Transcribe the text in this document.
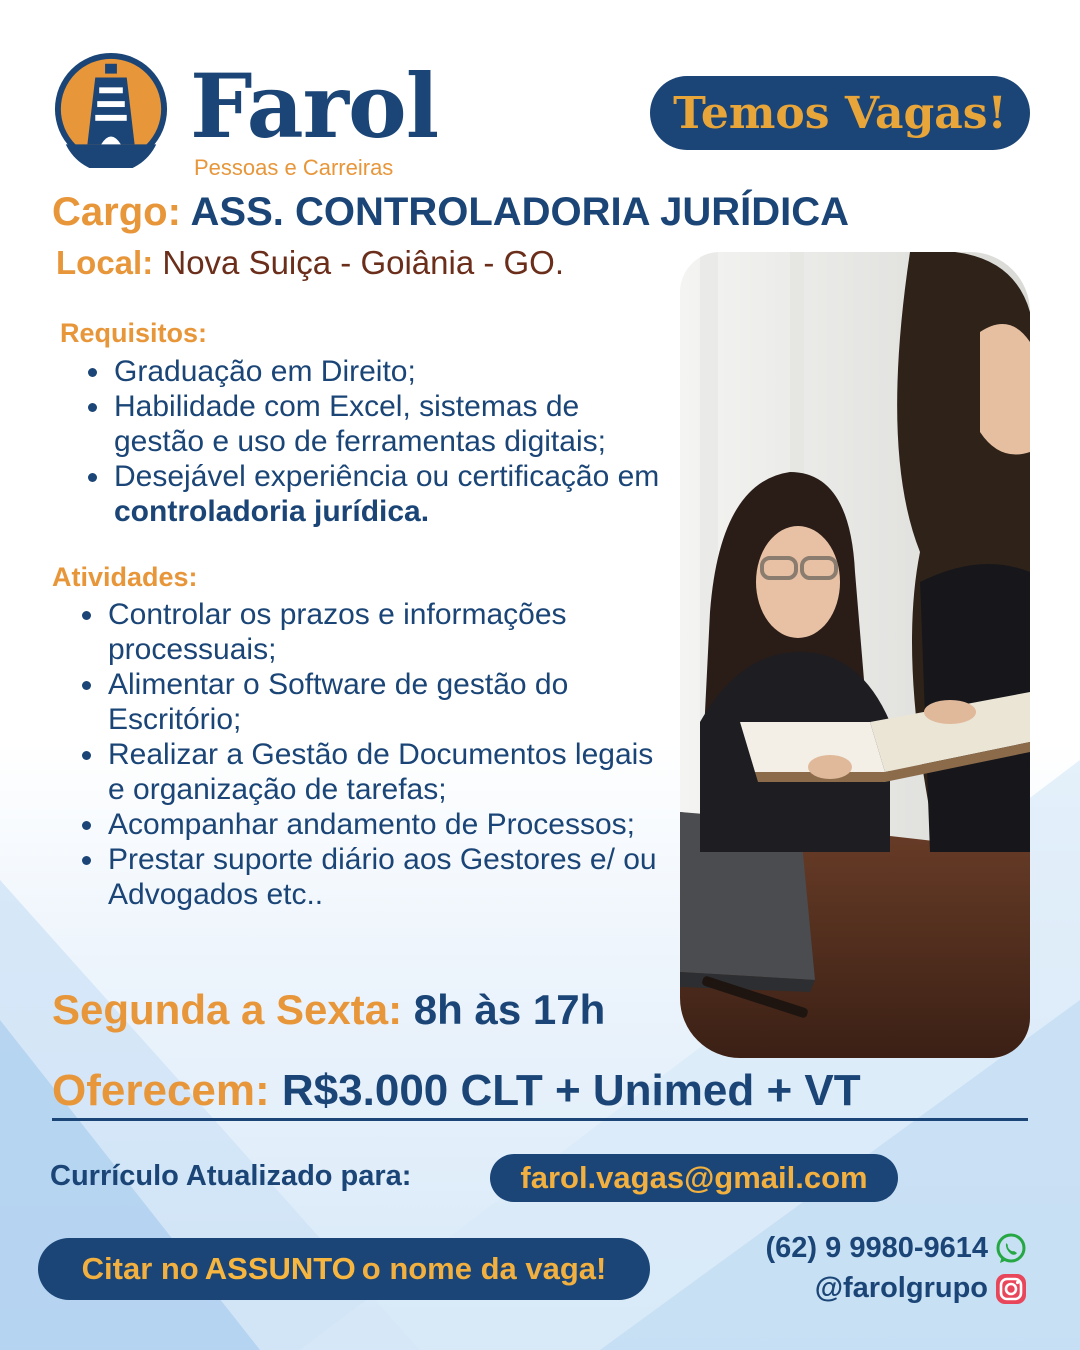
Farol
Pessoas e Carreiras
Temos Vagas!
Cargo: ASS. CONTROLADORIA JURÍDICA
Local: Nova Suiça - Goiânia - GO.
Requisitos:
Graduação em Direito;
Habilidade com Excel, sistemas de gestão e uso de ferramentas digitais;
Desejável experiência ou certificação em controladoria jurídica.
Atividades:
Controlar os prazos e informações processuais;
Alimentar o Software de gestão do Escritório;
Realizar a Gestão de Documentos legais e organização de tarefas;
Acompanhar andamento de Processos;
Prestar suporte diário aos Gestores e/ ou Advogados etc..
Segunda a Sexta: 8h às 17h
Oferecem: R$3.000 CLT + Unimed + VT
Currículo Atualizado para:	farol.vagas@gmail.com
Citar no ASSUNTO o nome da vaga!
(62) 9 9980-9614
@farolgrupo
